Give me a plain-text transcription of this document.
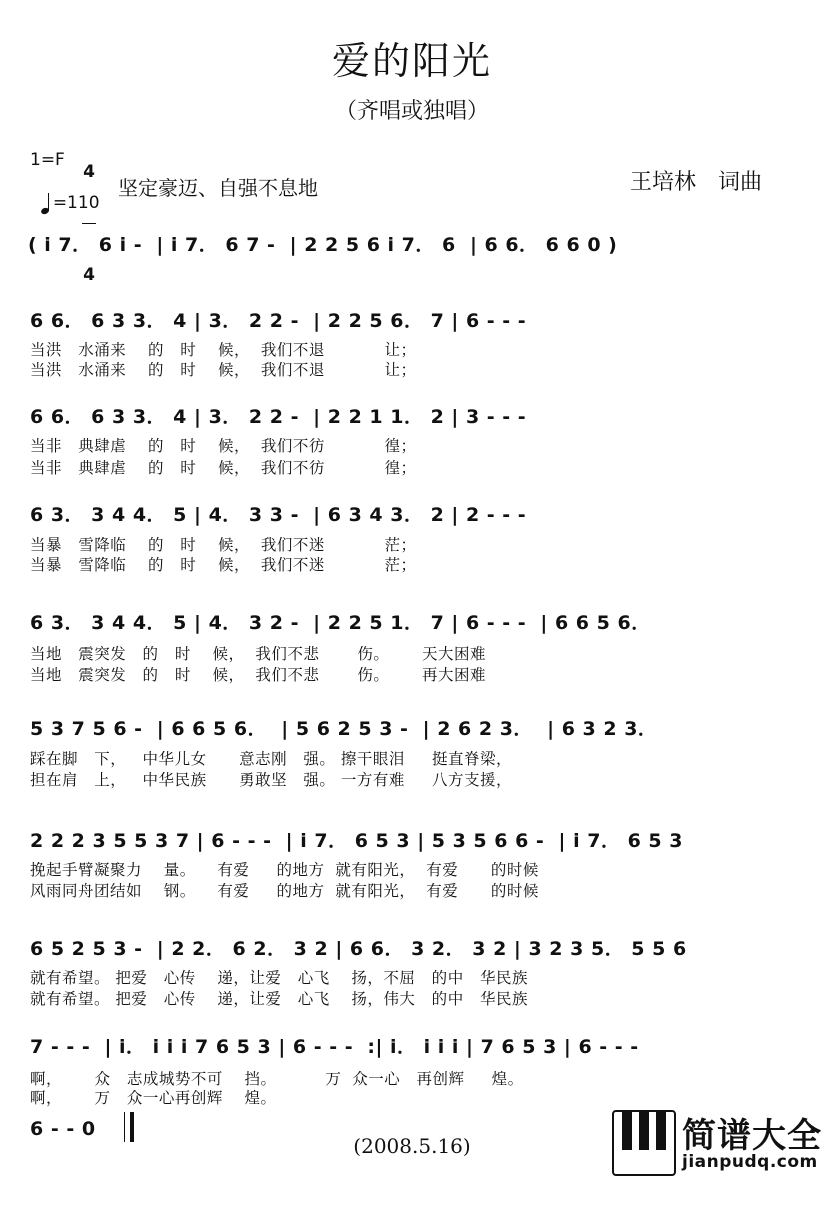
爱的阳光
（齐唱或独唱）
1=F

4

4

=110

坚定豪迈、自强不息地	王培林　词曲
( i 7． 6 i -  | i 7． 6 7 -  | 2 2 5 6 i 7． 6  | 6 6． 6 6 0 )
6 6． 6 3 3． 4 | 3． 2 2 -  | 2 2 5 6． 7 | 6 - - -
当洪   水涌来    的   时    候，  我们不退           让；
当洪   水涌来    的   时    候，  我们不退           让；
6 6． 6 3 3． 4 | 3． 2 2 -  | 2 2 1 1． 2 | 3 - - -
当非   典肆虐    的   时    候，  我们不彷           徨；
当非   典肆虐    的   时    候，  我们不彷           徨；
6 3． 3 4 4． 5 | 4． 3 3 -  | 6 3 4 3． 2 | 2 - - -
当暴   雪降临    的   时    候，  我们不迷           茫；
当暴   雪降临    的   时    候，  我们不迷           茫；
6 3． 3 4 4． 5 | 4． 3 2 -  | 2 2 5 1． 7 | 6 - - -  | 6 6 5 6．
当地   震突发   的   时    候，  我们不悲       伤。      天大困难
当地   震突发   的   时    候，  我们不悲       伤。      再大困难
5 3 7 5 6 -  | 6 6 5 6．  | 5 6 2 5 3 -  | 2 6 2 3．  | 6 3 2 3．
踩在脚   下，   中华儿女      意志刚   强。 擦干眼泪     挺直脊梁，
担在肩   上，   中华民族      勇敢坚   强。 一方有难     八方支援，
2 2 2 3 5 5 3 7 | 6 - - -  | i 7． 6 5 3 | 5 3 5 6 6 -  | i 7． 6 5 3
挽起手臂凝聚力    量。    有爱     的地方  就有阳光，  有爱      的时候
风雨同舟团结如    钢。    有爱     的地方  就有阳光，  有爱      的时候
6 5 2 5 3 -  | 2 2． 6 2． 3 2 | 6 6． 3 2． 3 2 | 3 2 3 5． 5 5 6
就有希望。 把爱   心传    递，让爱   心飞    扬，不屈   的中   华民族
就有希望。 把爱   心传    递，让爱   心飞    扬，伟大   的中   华民族
7 - - -  | i． i i i 7 6 5 3 | 6 - - -  :| i． i i i | 7 6 5 3 | 6 - - -
啊，      众   志成城势不可    挡。         万  众一心   再创辉     煌。
啊，      万   众一心再创辉    煌。
6 - - 0
(2008.5.16)

	简谱大全

jianpudq.com
